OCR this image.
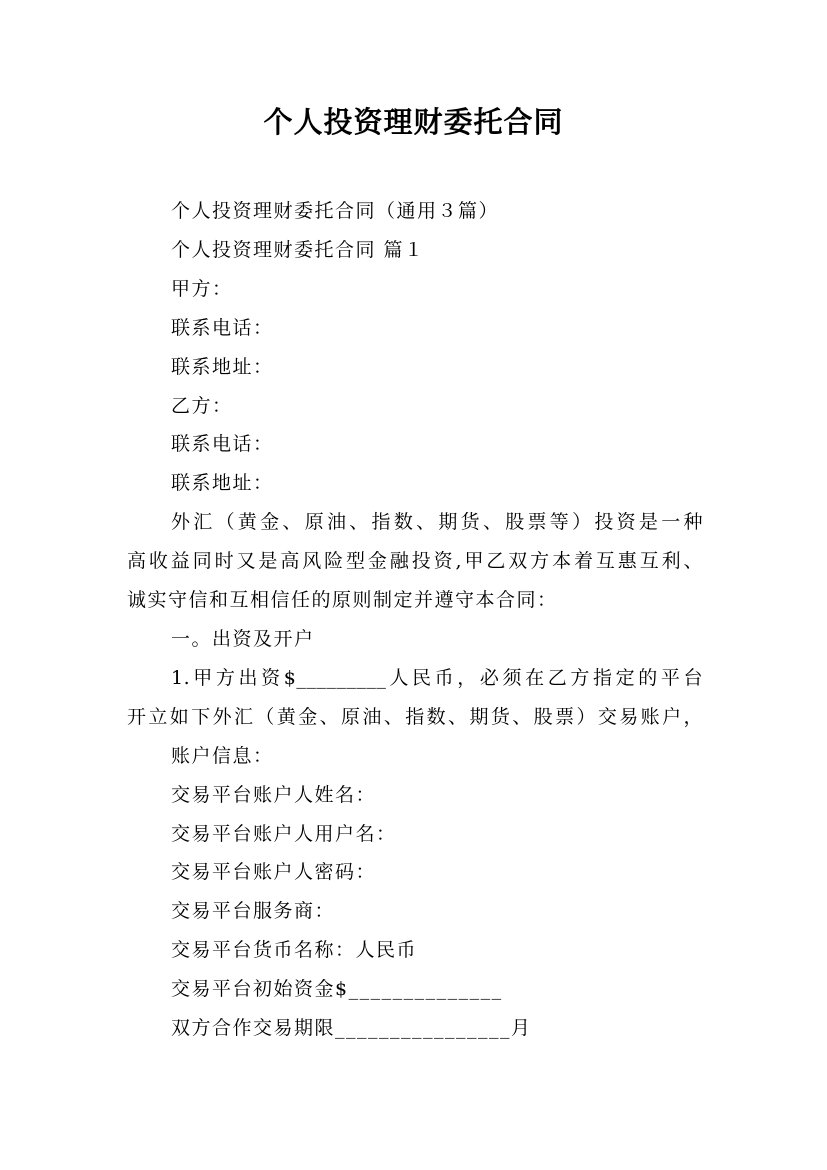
个人投资理财委托合同

个人投资理财委托合同（通用３篇）

个人投资理财委托合同 篇１

甲方：

联系电话：

联系地址：

乙方：

联系电话：

联系地址：

外汇（黄金、原油、指数、期货、股票等）投资是一种

高收益同时又是高风险型金融投资,甲乙双方本着互惠互利、

诚实守信和互相信任的原则制定并遵守本合同：

一。出资及开户

1.甲方出资$_________人民币，必须在乙方指定的平台

开立如下外汇（黄金、原油、指数、期货、股票）交易账户，

账户信息：

交易平台账户人姓名：

交易平台账户人用户名：

交易平台账户人密码：

交易平台服务商：

交易平台货币名称：人民币

交易平台初始资金$______________

双方合作交易期限________________月
